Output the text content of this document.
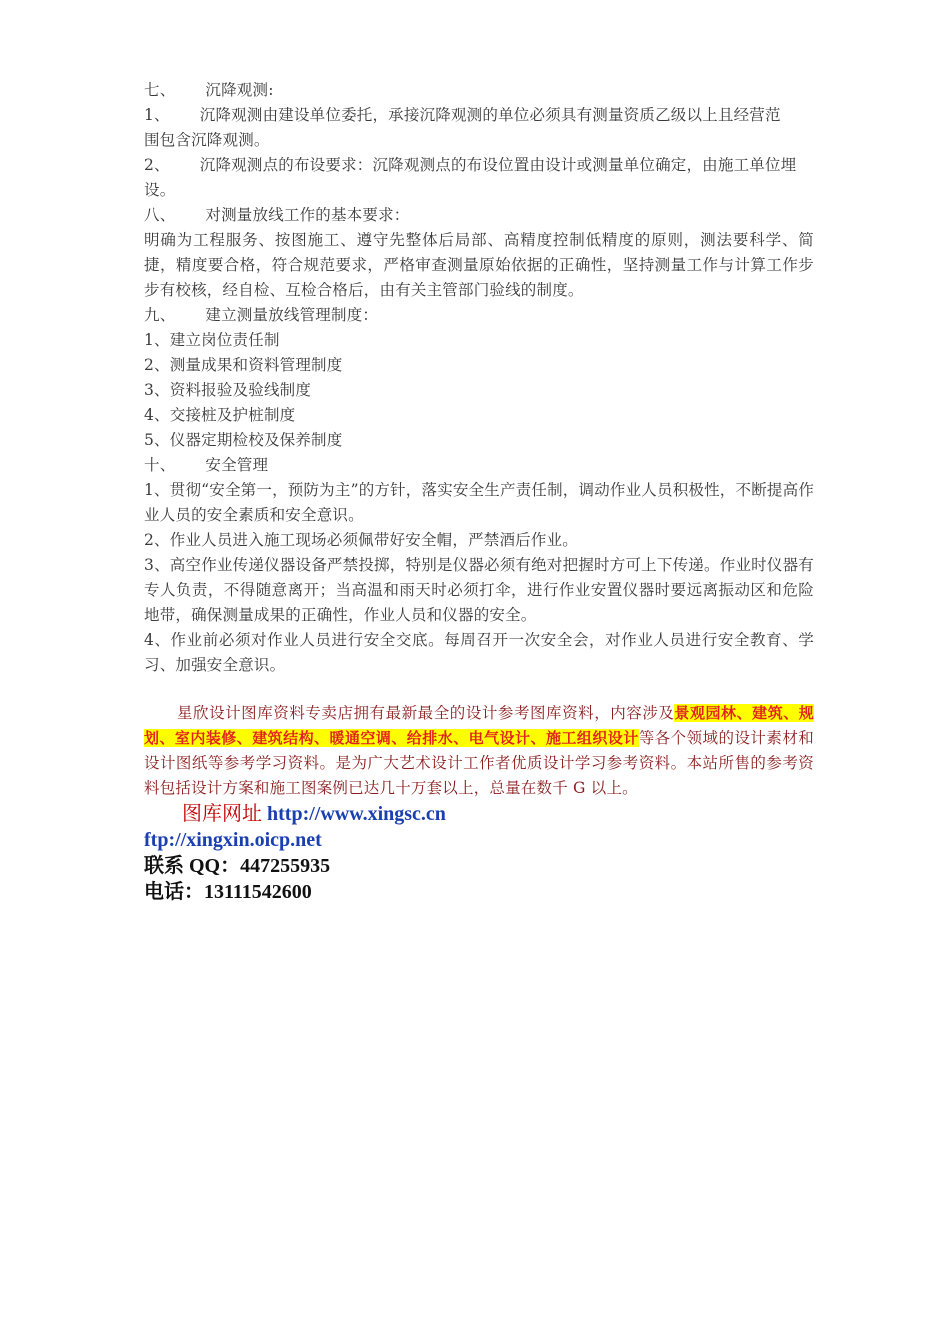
七、 沉降观测:
1、 沉降观测由建设单位委托，承接沉降观测的单位必须具有测量资质乙级以上且经营范
围包含沉降观测。
2、 沉降观测点的布设要求：沉降观测点的布设位置由设计或测量单位确定，由施工单位埋
设。
八、 对测量放线工作的基本要求：
明确为工程服务、按图施工、遵守先整体后局部、高精度控制低精度的原则，测法要科学、简捷，精度要合格，符合规范要求，严格审查测量原始依据的正确性，坚持测量工作与计算工作步步有校核，经自检、互检合格后，由有关主管部门验线的制度。
九、 建立测量放线管理制度：
1、建立岗位责任制
2、测量成果和资料管理制度
3、资料报验及验线制度
4、交接桩及护桩制度
5、仪器定期检校及保养制度
十、 安全管理
1、贯彻“安全第一，预防为主”的方针，落实安全生产责任制，调动作业人员积极性，不断提高作业人员的安全素质和安全意识。
2、作业人员进入施工现场必须佩带好安全帽，严禁酒后作业。
3、高空作业传递仪器设备严禁投掷，特别是仪器必须有绝对把握时方可上下传递。作业时仪器有专人负责，不得随意离开；当高温和雨天时必须打伞，进行作业安置仪器时要远离振动区和危险地带，确保测量成果的正确性，作业人员和仪器的安全。
4、作业前必须对作业人员进行安全交底。每周召开一次安全会，对作业人员进行安全教育、学习、加强安全意识。
星欣设计图库资料专卖店拥有最新最全的设计参考图库资料，内容涉及景观园林、建筑、规划、室内装修、建筑结构、暖通空调、给排水、电气设计、施工组织设计等各个领域的设计素材和设计图纸等参考学习资料。是为广大艺术设计工作者优质设计学习参考资料。本站所售的参考资料包括设计方案和施工图案例已达几十万套以上，总量在数千 G 以上。
图库网址 http://www.xingsc.cn
ftp://xingxin.oicp.net
联系 QQ：447255935
电话：13111542600
